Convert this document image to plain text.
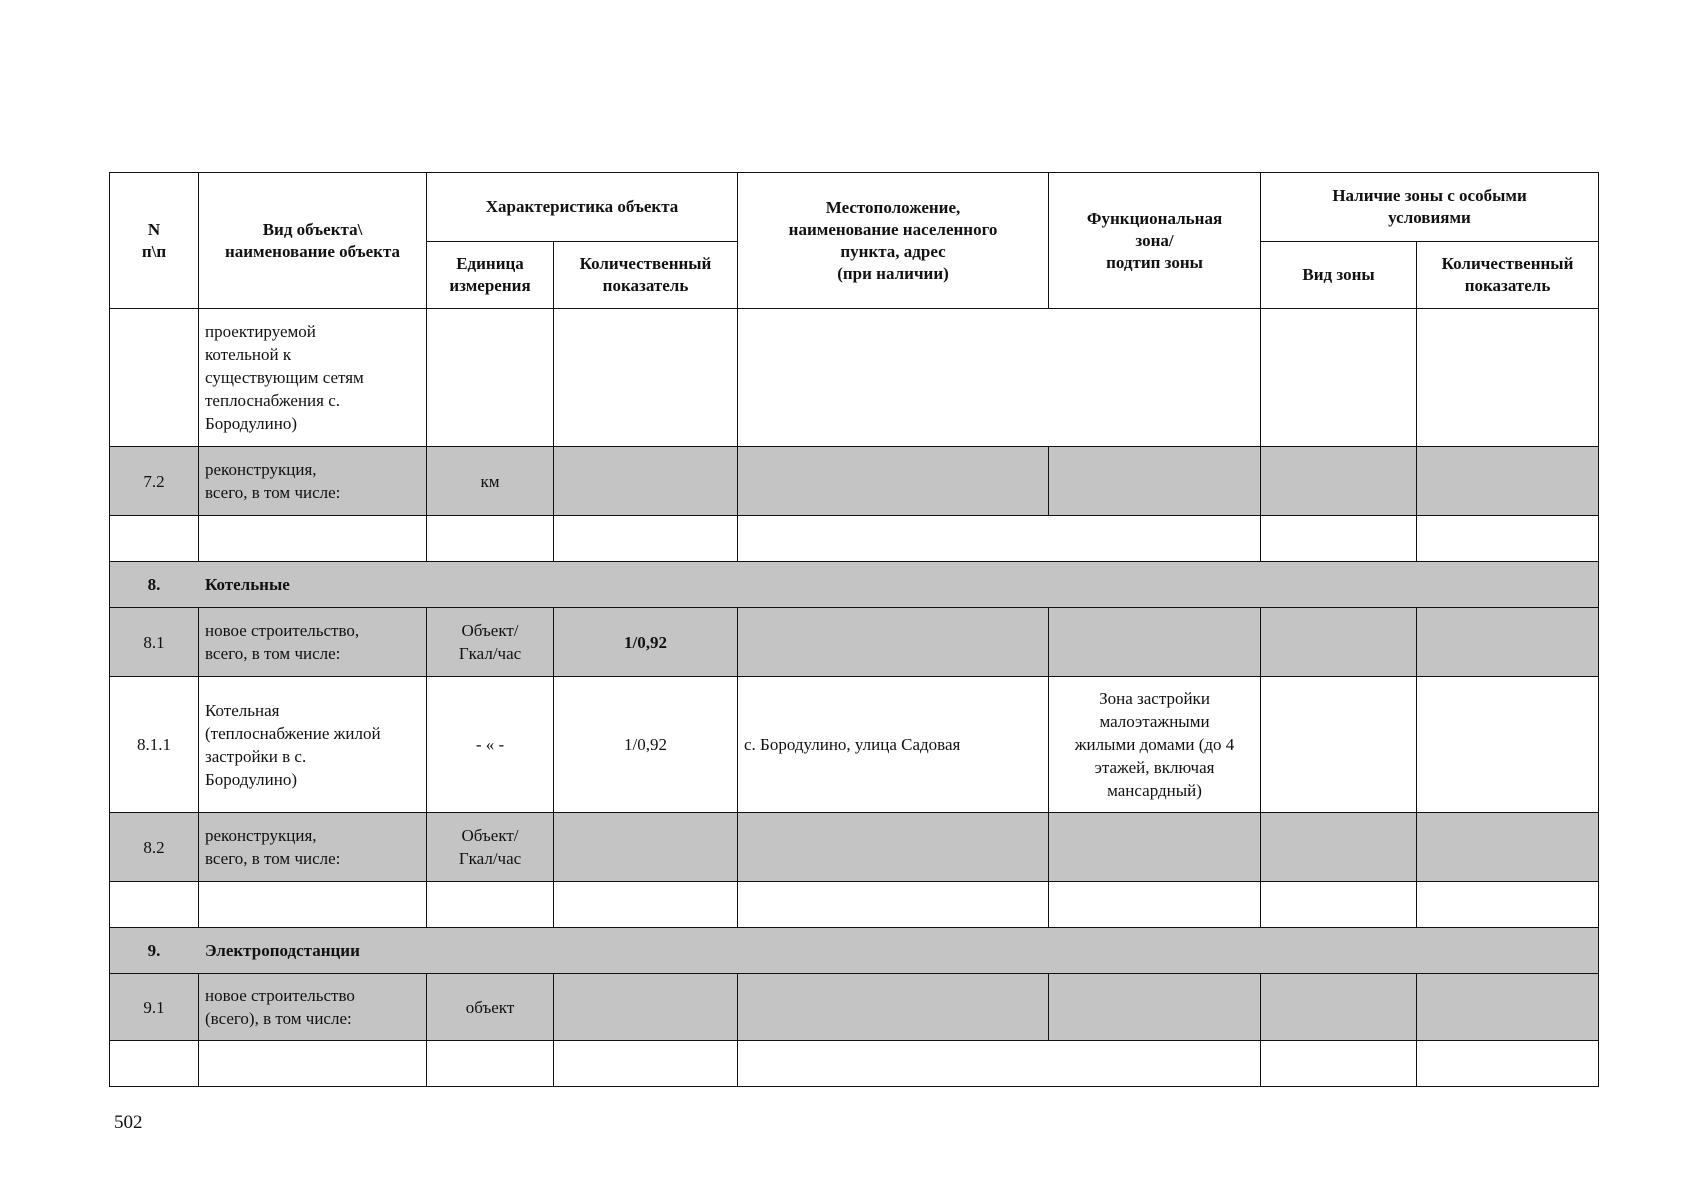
N
п\п	Вид объекта\
наименование объекта	Характеристика объекта		Местоположение,
наименование населенного
пункта, адрес
(при наличии)	Функциональная
зона/
подтип зоны	Наличие зоны с особыми
условиями	
		Единица
измерения	Количественный
показатель			Вид зоны	Количественный
показатель
	проектируемой
котельной к
существующим сетям
теплоснабжения с.
Бородулино)						
7.2	реконструкция,
всего, в том числе:	км					

8.	Котельные						
8.1	новое строительство,
всего, в том числе:	Объект/
Гкал/час	1/0,92				
8.1.1	Котельная
(теплоснабжение жилой
застройки в с.
Бородулино)	- « -	1/0,92	с. Бородулино, улица Садовая	Зона застройки
малоэтажными
жилыми домами (до 4
этажей, включая
мансардный)		
8.2	реконструкция,
всего, в том числе:	Объект/
Гкал/час					

9.	Электроподстанции						
9.1	новое строительство
(всего), в том числе:	объект					

502
